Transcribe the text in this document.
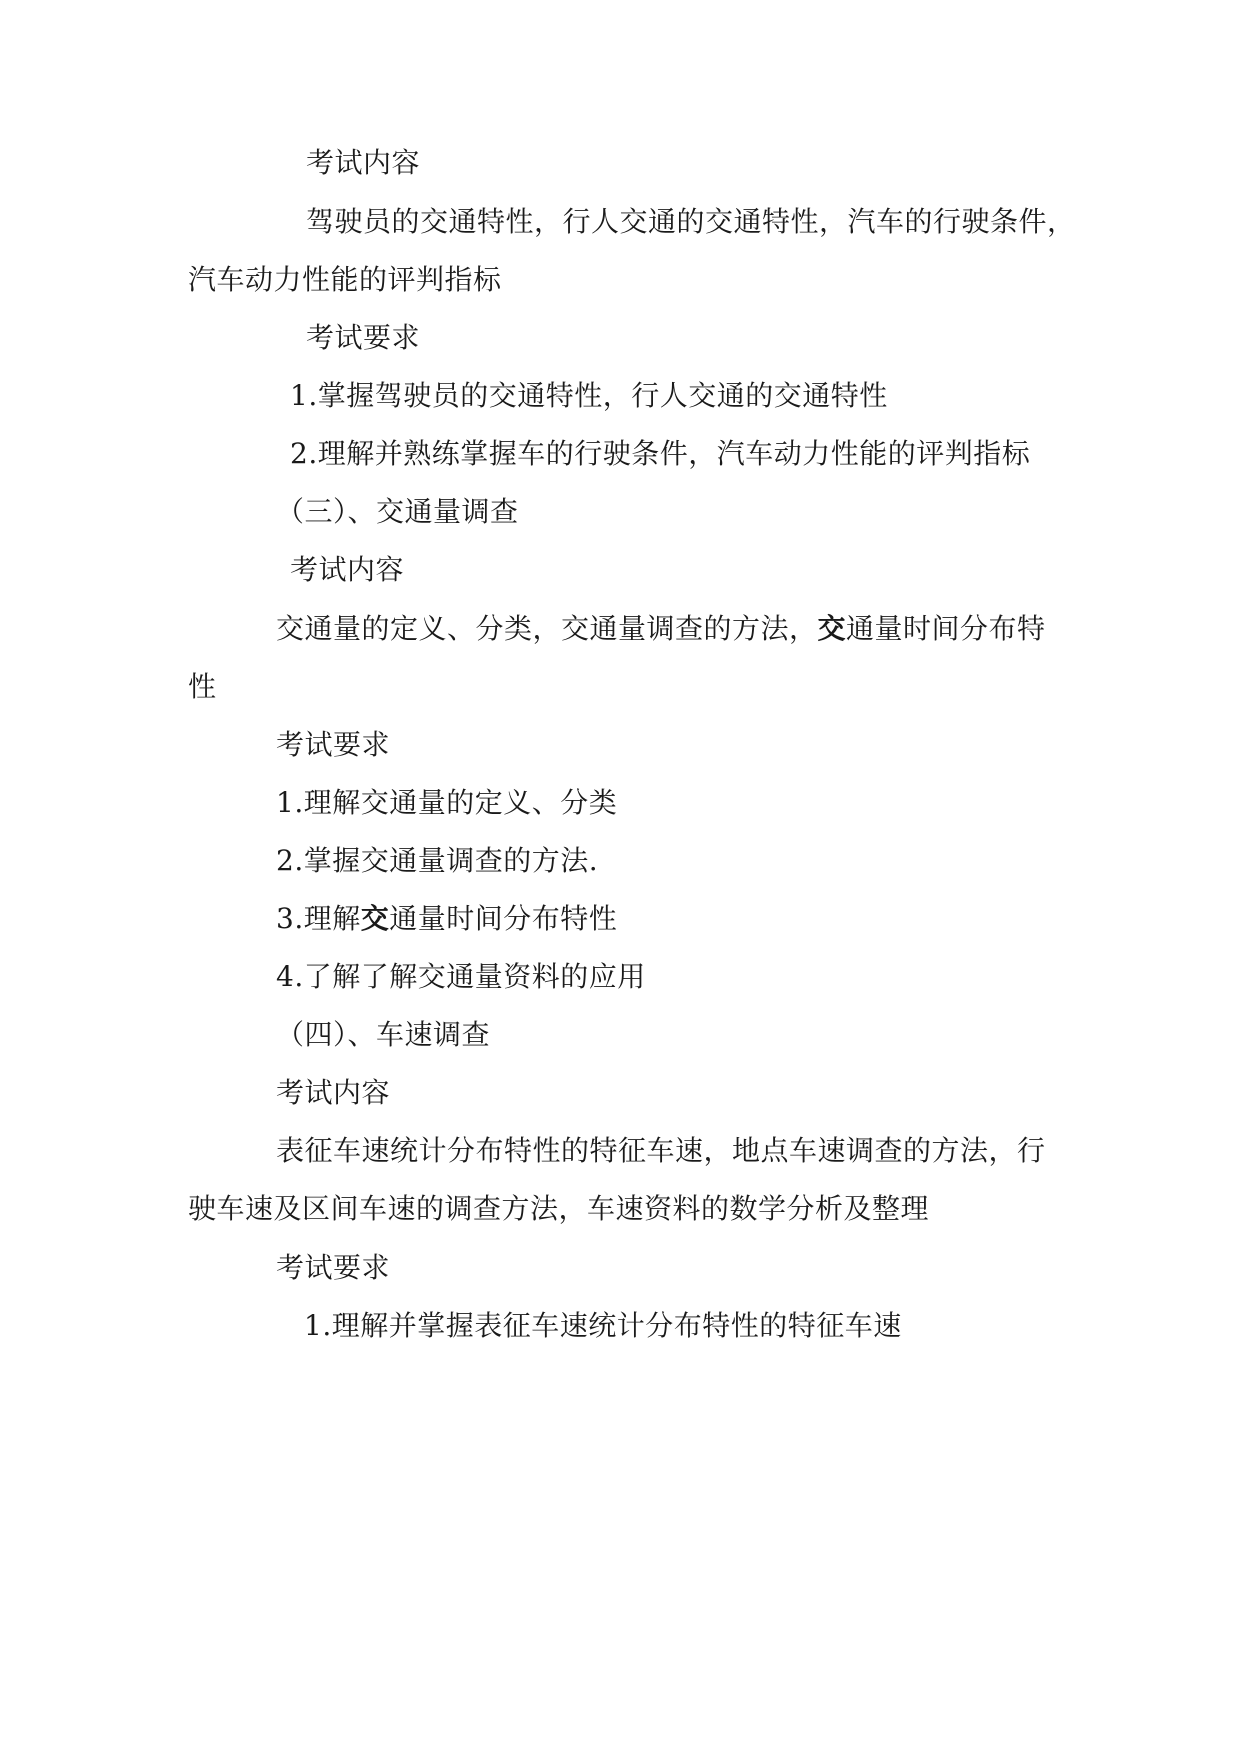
考试内容
驾驶员的交通特性，行人交通的交通特性，汽车的行驶条件，
汽车动力性能的评判指标
考试要求
1.掌握驾驶员的交通特性，行人交通的交通特性
2.理解并熟练掌握车的行驶条件，汽车动力性能的评判指标
（三）、交通量调查
考试内容
交通量的定义、分类，交通量调查的方法，交通量时间分布特
性
考试要求
1.理解交通量的定义、分类
2.掌握交通量调查的方法.
3.理解交通量时间分布特性
4.了解了解交通量资料的应用
（四）、车速调查
考试内容
表征车速统计分布特性的特征车速，地点车速调查的方法，行
驶车速及区间车速的调查方法，车速资料的数学分析及整理
考试要求
1.理解并掌握表征车速统计分布特性的特征车速
